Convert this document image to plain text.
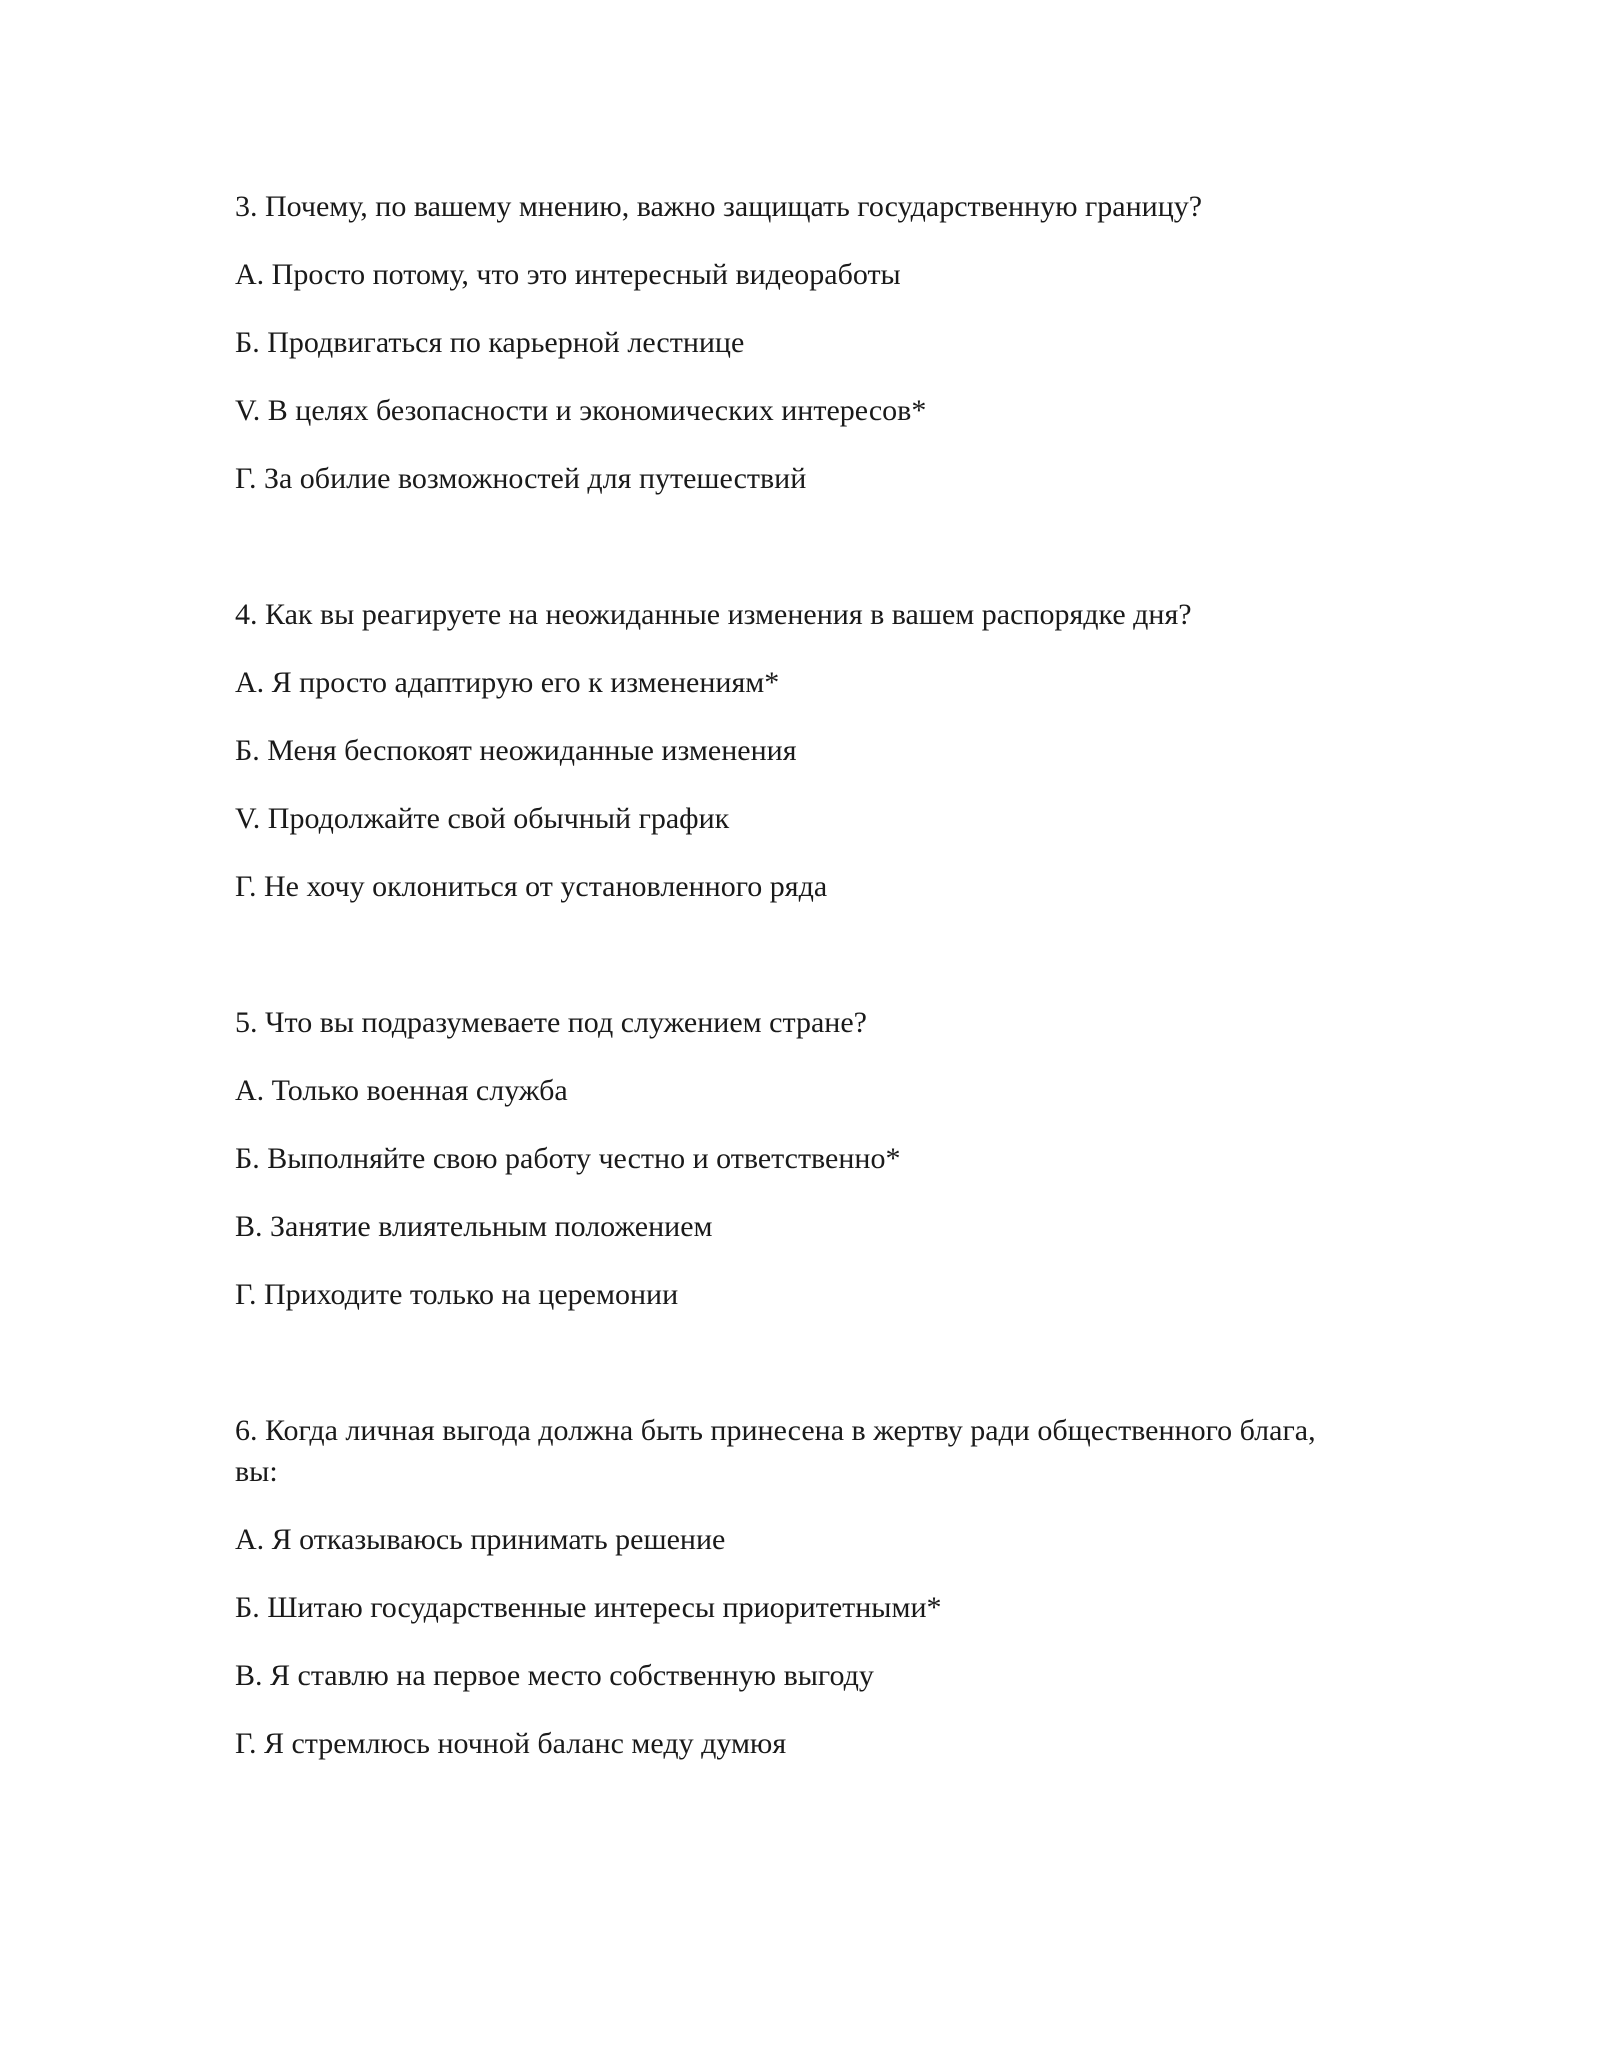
3. Почему, по вашему мнению, важно защищать государственную границу?

А. Просто потому, что это интересный видеоработы

Б. Продвигаться по карьерной лестнице

V. В целях безопасности и экономических интересов*

Г. За обилие возможностей для путешествий

4. Как вы реагируете на неожиданные изменения в вашем распорядке дня?

А. Я просто адаптирую его к изменениям*

Б. Меня беспокоят неожиданные изменения

V. Продолжайте свой обычный график

Г. Не хочу оклониться от установленного ряда

5. Что вы подразумеваете под служением стране?

А. Только военная служба

Б. Выполняйте свою работу честно и ответственно*

В. Занятие влиятельным положением

Г. Приходите только на церемонии

6. Когда личная выгода должна быть принесена в жертву ради общественного блага, вы:

А. Я отказываюсь принимать решение

Б. Шитаю государственные интересы приоритетными*

В. Я ставлю на первое место собственную выгоду

Г. Я стремлюсь ночной баланс меду думюя
